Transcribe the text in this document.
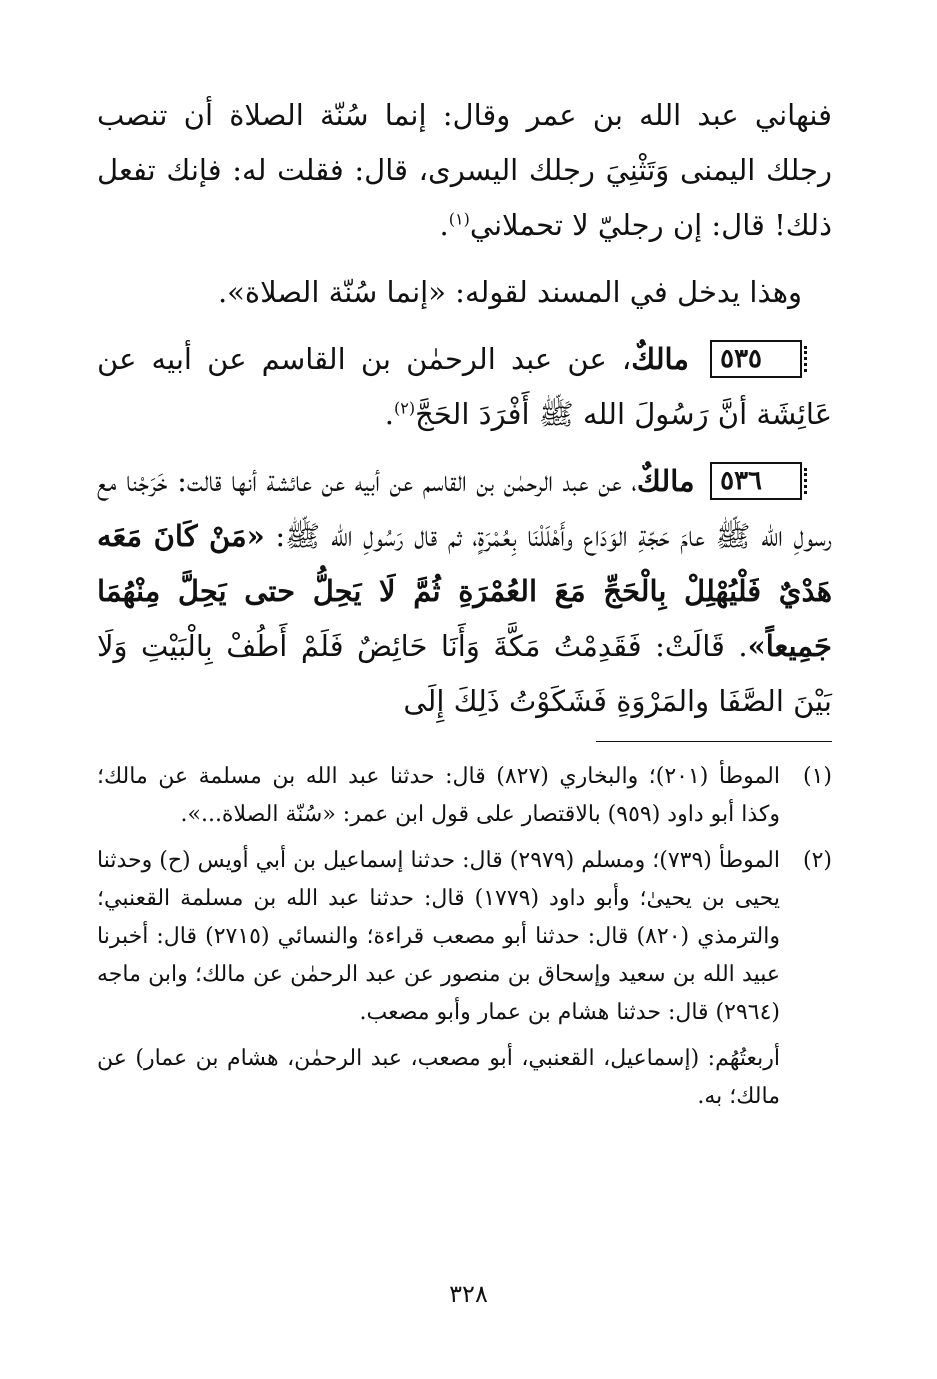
فنهاني عبد الله بن عمر وقال: إنما سُنّة الصلاة أن تنصب رجلك اليمنى وَتَثْنِيَ رجلك اليسرى، قال: فقلت له: فإنك تفعل ذلك! قال: إن رجليّ لا تحملاني$^{(١)}$.

وهذا يدخل في المسند لقوله: «إنما سُنّة الصلاة».

٥٣٥ مالكٌ، عن عبد الرحمٰن بن القاسم عن أبيه عن عَائِشَة أنَّ رَسُولَ الله ﷺ أَفْرَدَ الحَجَّ$^{(٢)}$.

٥٣٦ مالكٌ، عن عبد الرحمٰن بن القاسم عن أبيه عن عائشة أنها قالت: خَرَجْنا مع رسولِ الله ﷺ عامَ حَجّةِ الوَدَاع وأَهْلَلْنَا بِعُمْرَةٍ، ثم قال رَسُولِ الله ﷺ: «مَنْ كَانَ مَعَه هَدْيٌ فَلْيُهْلِلْ بِالْحَجِّ مَعَ العُمْرَةِ ثُمَّ لَا يَحِلُّ حتى يَحِلَّ مِنْهُمَا جَمِيعاً». قَالَتْ: فَقَدِمْتُ مَكَّةَ وَأَنَا حَائِضٌ فَلَمْ أَطُفْ بِالْبَيْتِ وَلَا بَيْنَ الصَّفَا والمَرْوَةِ فَشَكَوْتُ ذَلِكَ إِلَى

(١)
الموطأ (٢٠١)؛ والبخاري (٨٢٧) قال: حدثنا عبد الله بن مسلمة عن مالك؛ وكذا أبو داود (٩٥٩) بالاقتصار على قول ابن عمر: «سُنّة الصلاة...».
(٢)
الموطأ (٧٣٩)؛ ومسلم (٢٩٧٩) قال: حدثنا إسماعيل بن أبي أويس (ح) وحدثنا يحيى بن يحيىٰ؛ وأبو داود (١٧٧٩) قال: حدثنا عبد الله بن مسلمة القعنبي؛ والترمذي (٨٢٠) قال: حدثنا أبو مصعب قراءة؛ والنسائي (٢٧١٥) قال: أخبرنا عبيد الله بن سعيد وإسحاق بن منصور عن عبد الرحمٰن عن مالك؛ وابن ماجه (٢٩٦٤) قال: حدثنا هشام بن عمار وأبو مصعب.
أربعتُهُم: (إسماعيل، القعنبي، أبو مصعب، عبد الرحمٰن، هشام بن عمار) عن مالك؛ به.
٣٢٨
